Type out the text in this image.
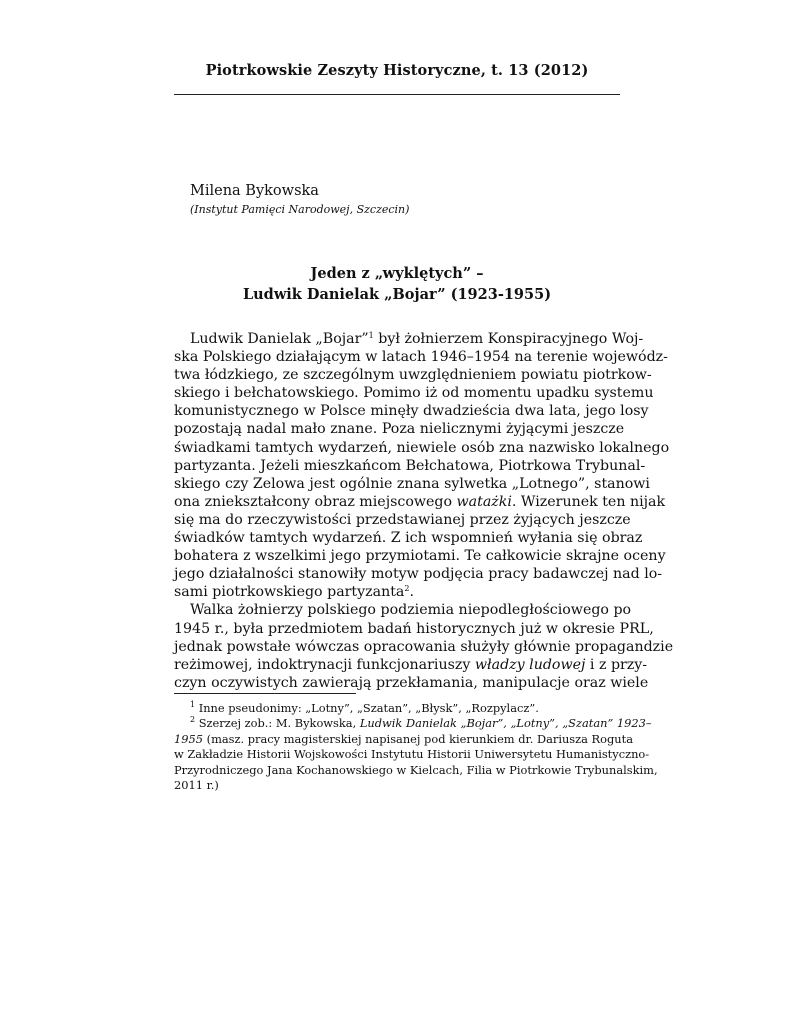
Piotrkowskie Zeszyty Historyczne, t. 13 (2012)
Milena Bykowska
(Instytut Pamięci Narodowej, Szczecin)
Jeden z „wyklętych” –
Ludwik Danielak „Bojar” (1923-1955)
Ludwik Danielak „Bojar”$^1$ był żołnierzem Konspiracyjnego Woj-
ska Polskiego działającym w latach 1946–1954 na terenie wojewódz-
twa łódzkiego, ze szczególnym uwzględnieniem powiatu piotrkow-
skiego i bełchatowskiego. Pomimo iż od momentu upadku systemu
komunistycznego w Polsce minęły dwadzieścia dwa lata, jego losy
pozostają nadal mało znane. Poza nielicznymi żyjącymi jeszcze
świadkami tamtych wydarzeń, niewiele osób zna nazwisko lokalnego
partyzanta. Jeżeli mieszkańcom Bełchatowa, Piotrkowa Trybunal-
skiego czy Zelowa jest ogólnie znana sylwetka „Lotnego”, stanowi
ona zniekształcony obraz miejscowego watażki. Wizerunek ten nijak
się ma do rzeczywistości przedstawianej przez żyjących jeszcze
świadków tamtych wydarzeń. Z ich wspomnień wyłania się obraz
bohatera z wszelkimi jego przymiotami. Te całkowicie skrajne oceny
jego działalności stanowiły motyw podjęcia pracy badawczej nad lo-
sami piotrkowskiego partyzanta$^2$.
Walka żołnierzy polskiego podziemia niepodległościowego po
1945 r., była przedmiotem badań historycznych już w okresie PRL,
jednak powstałe wówczas opracowania służyły głównie propagandzie
reżimowej, indoktrynacji funkcjonariuszy władzy ludowej i z przy-
czyn oczywistych zawierają przekłamania, manipulacje oraz wiele
$^1$ Inne pseudonimy: „Lotny”, „Szatan”, „Błysk”, „Rozpylacz”.
$^2$ Szerzej zob.: M. Bykowska, Ludwik Danielak „Bojar”, „Lotny”, „Szatan” 1923–
1955 (masz. pracy magisterskiej napisanej pod kierunkiem dr. Dariusza Roguta
w Zakładzie Historii Wojskowości Instytutu Historii Uniwersytetu Humanistyczno-
Przyrodniczego Jana Kochanowskiego w Kielcach, Filia w Piotrkowie Trybunalskim,
2011 r.)
